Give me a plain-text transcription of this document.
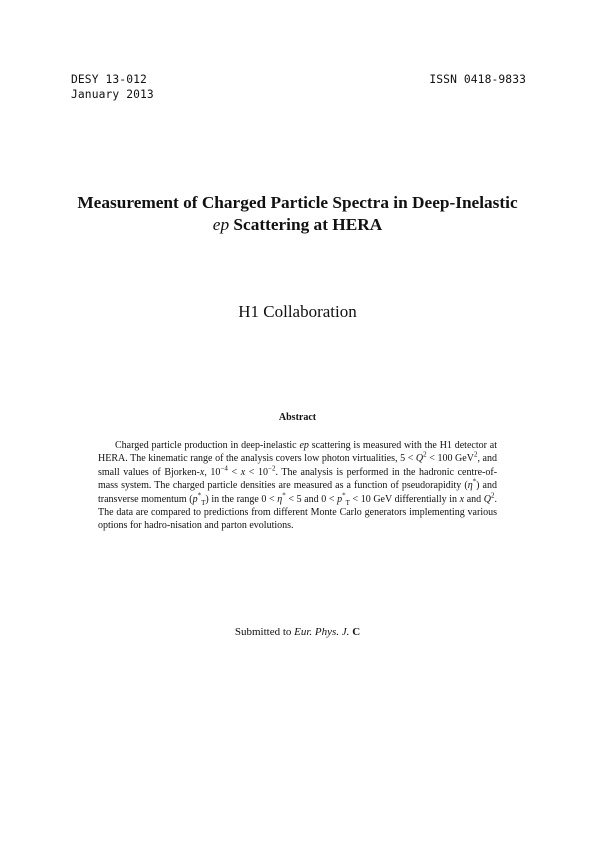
DESY 13-012
January 2013
ISSN 0418-9833
Measurement of Charged Particle Spectra in Deep-Inelastic
ep Scattering at HERA
H1 Collaboration
Abstract
Charged particle production in deep-inelastic ep scattering is measured with the H1 detector at HERA. The kinematic range of the analysis covers low photon virtualities, $5 < Q^2 < 100$ GeV$^2$, and small values of Bjorken-x, $10^{-4} < x < 10^{-2}$. The analysis is performed in the hadronic centre-of-mass system. The charged particle densities are measured as a function of pseudorapidity (η*) and transverse momentum $(p^*_T)$ in the range 0 < η* < 5 and $0 < p^*_T < 10$ GeV differentially in x and $Q^2$. The data are compared to predictions from different Monte Carlo generators implementing various options for hadro-nisation and parton evolutions.
Submitted to Eur. Phys. J. C
